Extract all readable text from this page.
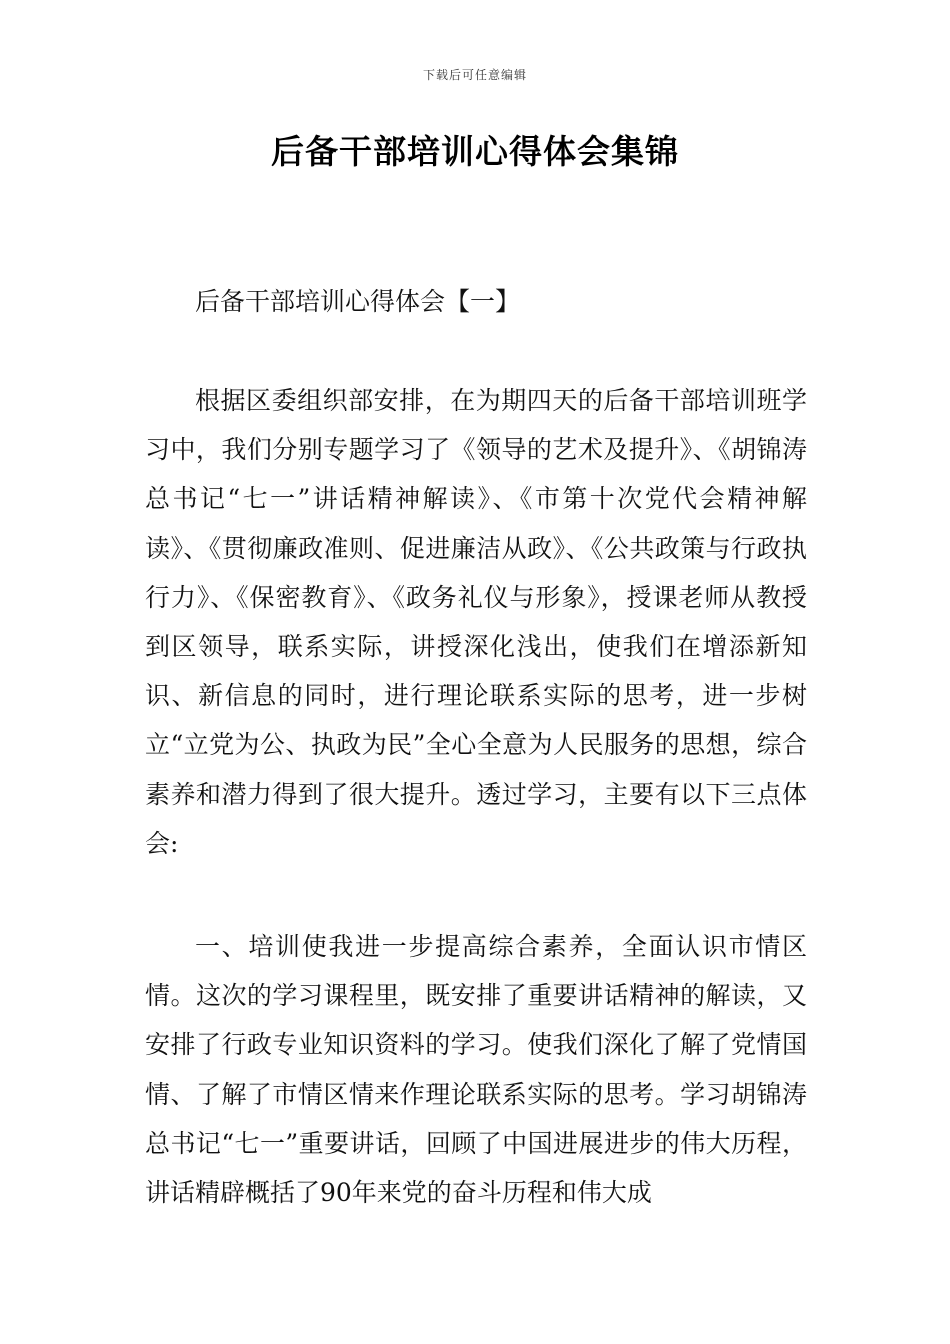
下载后可任意编辑
后备干部培训心得体会集锦
后备干部培训心得体会【一】

根据区委组织部安排，在为期四天的后备干部培训班学习中，我们分别专题学习了《领导的艺术及提升》、《胡锦涛总书记“七一”讲话精神解读》、《市第十次党代会精神解读》、《贯彻廉政准则、促进廉洁从政》、《公共政策与行政执行力》、《保密教育》、《政务礼仪与形象》，授课老师从教授到区领导，联系实际，讲授深化浅出，使我们在增添新知识、新信息的同时，进行理论联系实际的思考，进一步树立“立党为公、执政为民”全心全意为人民服务的思想，综合素养和潜力得到了很大提升。透过学习，主要有以下三点体会:

一、培训使我进一步提高综合素养，全面认识市情区情。这次的学习课程里，既安排了重要讲话精神的解读，又安排了行政专业知识资料的学习。使我们深化了解了党情国情、了解了市情区情来作理论联系实际的思考。学习胡锦涛总书记“七一”重要讲话，回顾了中国进展进步的伟大历程，讲话精辟概括了90年来党的奋斗历程和伟大成
